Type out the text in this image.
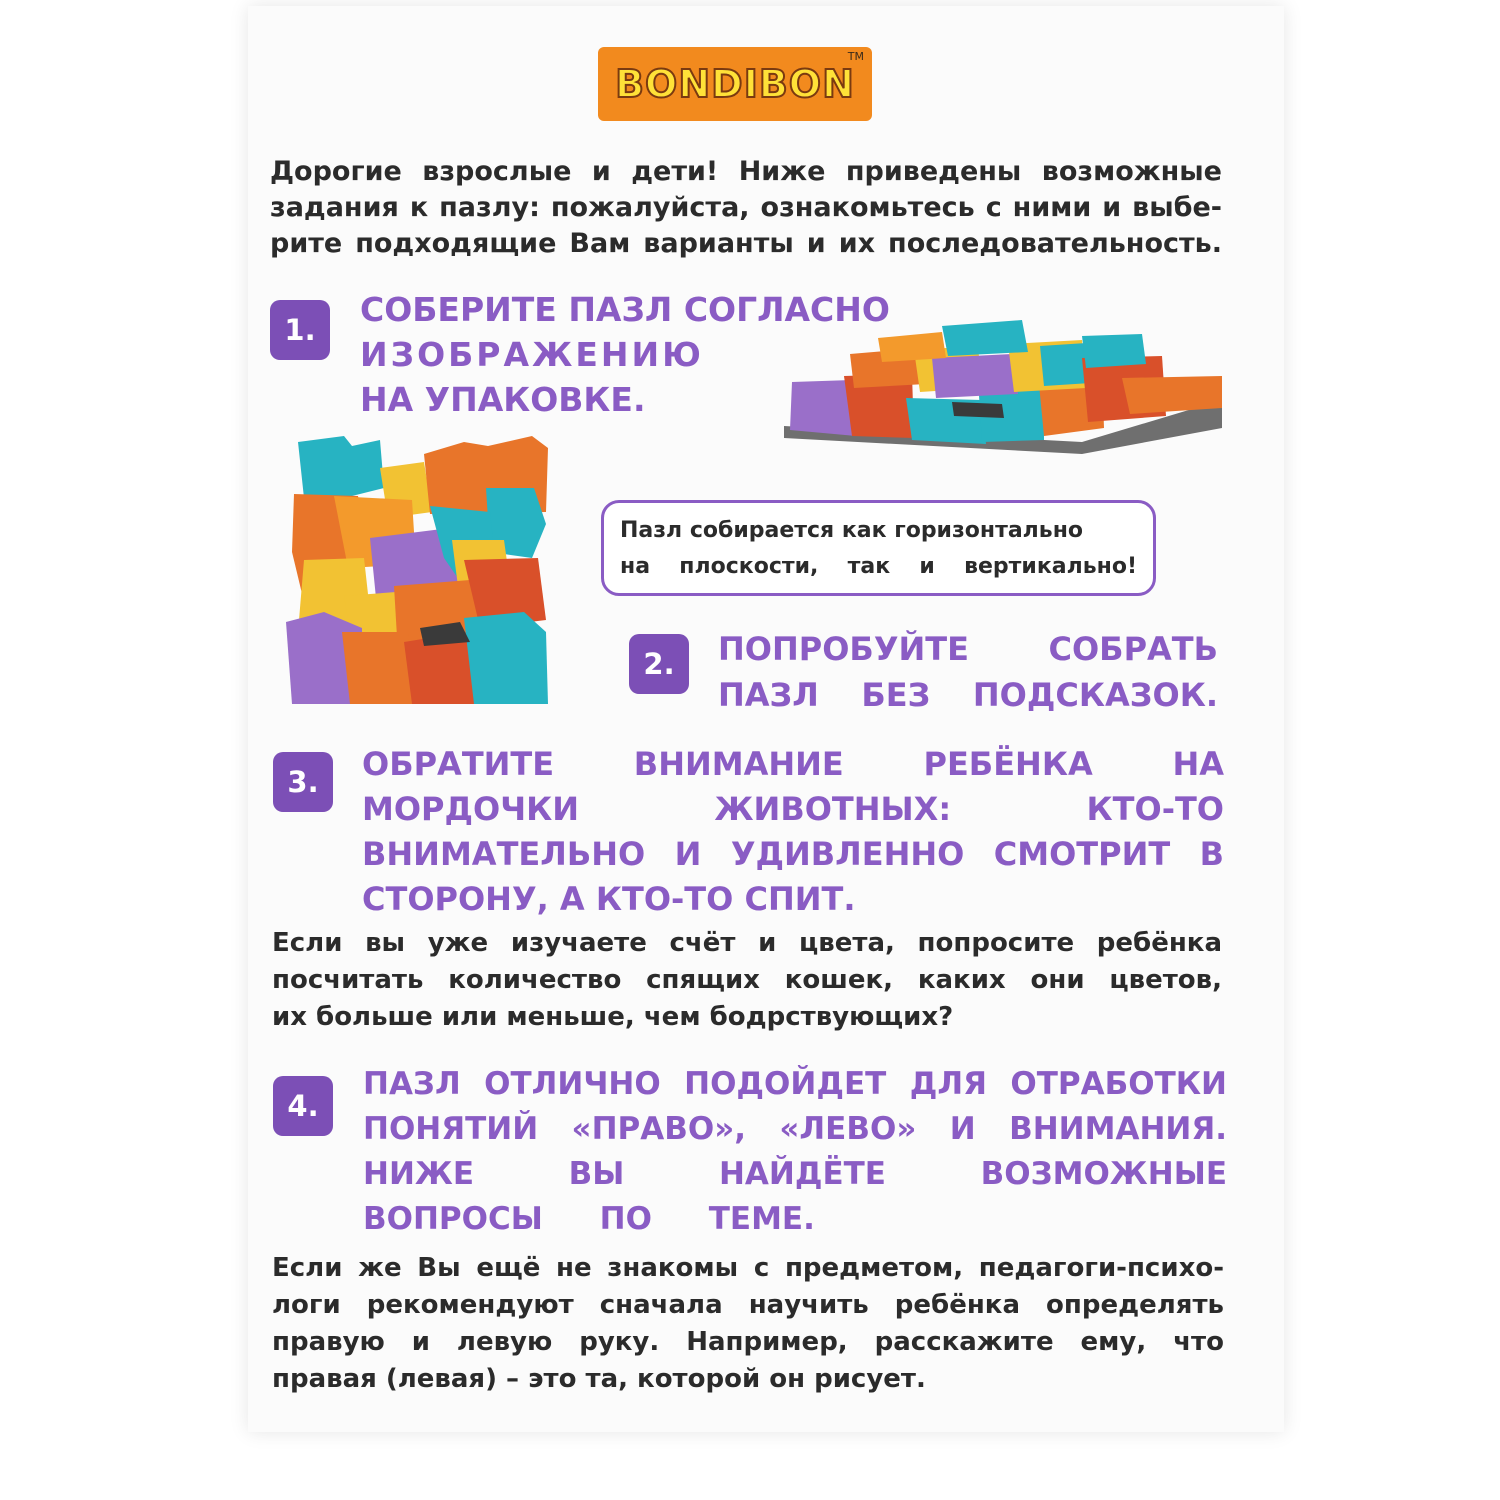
BONDIBON
TM
Дорогие взрослые и дети! Ниже приведены возможные
задания к пазлу: пожалуйста, ознакомьтесь с ними и выбе-
рите подходящие Вам варианты и их последовательность.
1.
СОБЕРИТЕ ПАЗЛ СОГЛАСНО
ИЗОБРАЖЕНИЮ
НА УПАКОВКЕ.
Пазл собирается как горизонтально
на плоскости, так и вертикально!
2.	ПОПРОБУЙТЕ СОБРАТЬ
ПАЗЛ БЕЗ ПОДСКАЗОК.
3.	ОБРАТИТЕ ВНИМАНИЕ РЕБЁНКА НА
МОРДОЧКИ ЖИВОТНЫХ: КТО-ТО
ВНИМАТЕЛЬНО И УДИВЛЕННО СМОТРИТ В
СТОРОНУ, А КТО-ТО СПИТ.
Если вы уже изучаете счёт и цвета, попросите ребёнка
посчитать количество спящих кошек, каких они цветов,
их больше или меньше, чем бодрствующих?
4.
ПАЗЛ ОТЛИЧНО ПОДОЙДЕТ ДЛЯ ОТРАБОТКИ
ПОНЯТИЙ «ПРАВО», «ЛЕВО» И ВНИМАНИЯ.
НИЖЕ ВЫ НАЙДЁТЕ ВОЗМОЖНЫЕ
ВОПРОСЫ ПО ТЕМЕ.
Если же Вы ещё не знакомы с предметом, педагоги-психо-
логи рекомендуют сначала научить ребёнка определять
правую и левую руку. Например, расскажите ему, что
правая (левая) – это та, которой он рисует.
